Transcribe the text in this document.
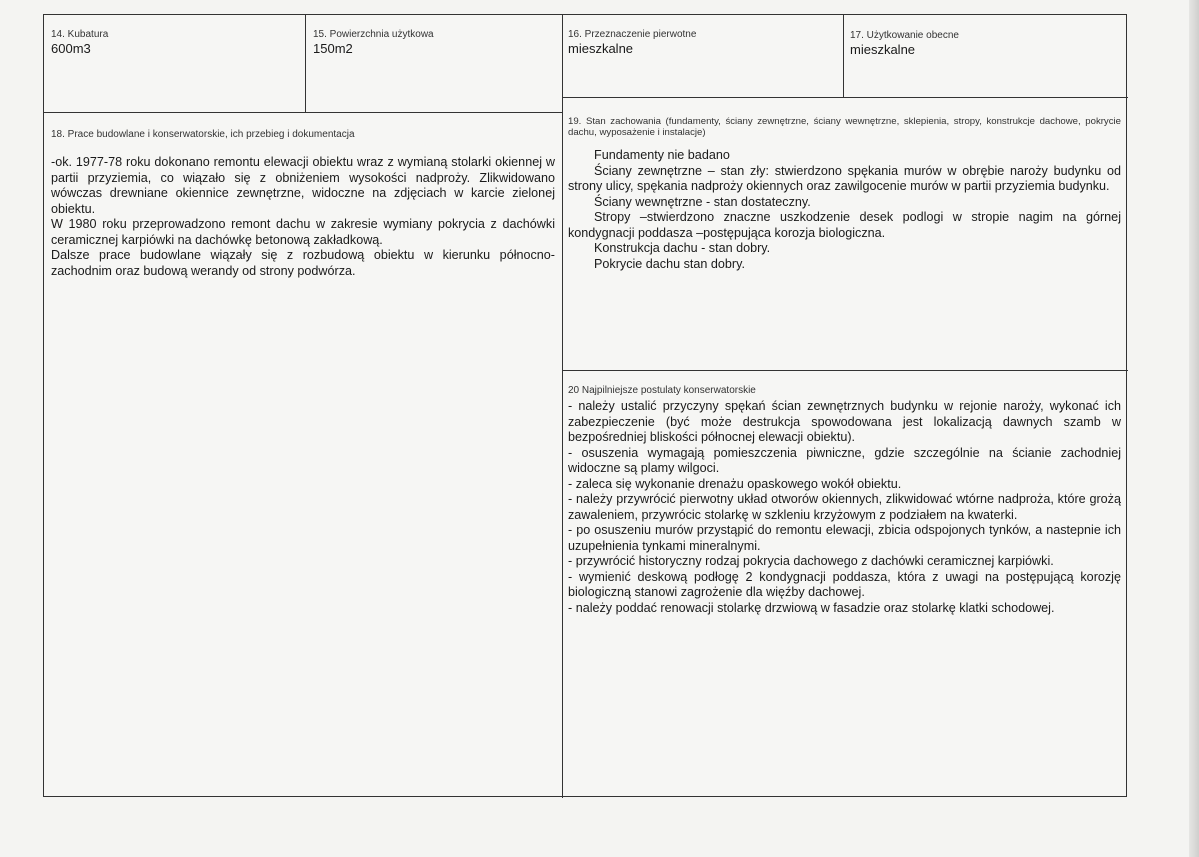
14. Kubatura
600m3
15. Powierzchnia użytkowa
150m2
16. Przeznaczenie pierwotne
mieszkalne
17. Użytkowanie obecne
mieszkalne
18. Prace budowlane i konserwatorskie, ich przebieg i dokumentacja

-ok. 1977-78 roku dokonano remontu elewacji obiektu wraz z wymianą stolarki okiennej w partii przyziemia, co wiązało się z obniżeniem wysokości nadproży. Zlikwidowano wówczas drewniane okiennice zewnętrzne, widoczne na zdjęciach w karcie zielonej obiektu.

W 1980 roku przeprowadzono remont dachu w zakresie wymiany pokrycia z dachówki ceramicznej karpiówki na dachówkę betonową zakładkową.

Dalsze prace budowlane wiązały się z rozbudową obiektu w kierunku północno-zachodnim oraz budową werandy od strony podwórza.

19. Stan zachowania (fundamenty, ściany zewnętrzne, ściany wewnętrzne, sklepienia, stropy, konstrukcje dachowe, pokrycie dachu, wyposażenie i instalacje)

Fundamenty nie badano

Ściany zewnętrzne – stan zły: stwierdzono spękania murów w obrębie naroży budynku od strony ulicy, spękania nadproży okiennych oraz zawilgocenie murów w partii przyziemia budynku.

Ściany wewnętrzne - stan dostateczny.

Stropy –stwierdzono znaczne uszkodzenie desek podlogi w stropie nagim na górnej kondygnacji poddasza –postępująca korozja biologiczna.

Konstrukcja dachu - stan dobry.

Pokrycie dachu stan dobry.

20 Najpilniejsze postulaty konserwatorskie

- należy ustalić przyczyny spękań ścian zewnętrznych budynku w rejonie naroży, wykonać ich zabezpieczenie (być może destrukcja spowodowana jest lokalizacją dawnych szamb w bezpośredniej bliskości północnej elewacji obiektu).

- osuszenia wymagają pomieszczenia piwniczne, gdzie szczególnie na ścianie zachodniej widoczne są plamy wilgoci.

- zaleca się wykonanie drenażu opaskowego wokół obiektu.

- należy przywrócić pierwotny układ otworów okiennych, zlikwidować wtórne nadproża, które grożą zawaleniem, przywrócic stolarkę w szkleniu krzyżowym z podziałem na kwaterki.

- po osuszeniu murów przystąpić do remontu elewacji, zbicia odspojonych tynków, a nastepnie ich uzupełnienia tynkami mineralnymi.

- przywrócić historyczny rodzaj pokrycia dachowego z dachówki ceramicznej karpiówki.

- wymienić deskową podłogę 2 kondygnacji poddasza, która z uwagi na postępującą korozję biologiczną stanowi zagrożenie dla więźby dachowej.

- należy poddać renowacji stolarkę drzwiową w fasadzie oraz stolarkę klatki schodowej.
